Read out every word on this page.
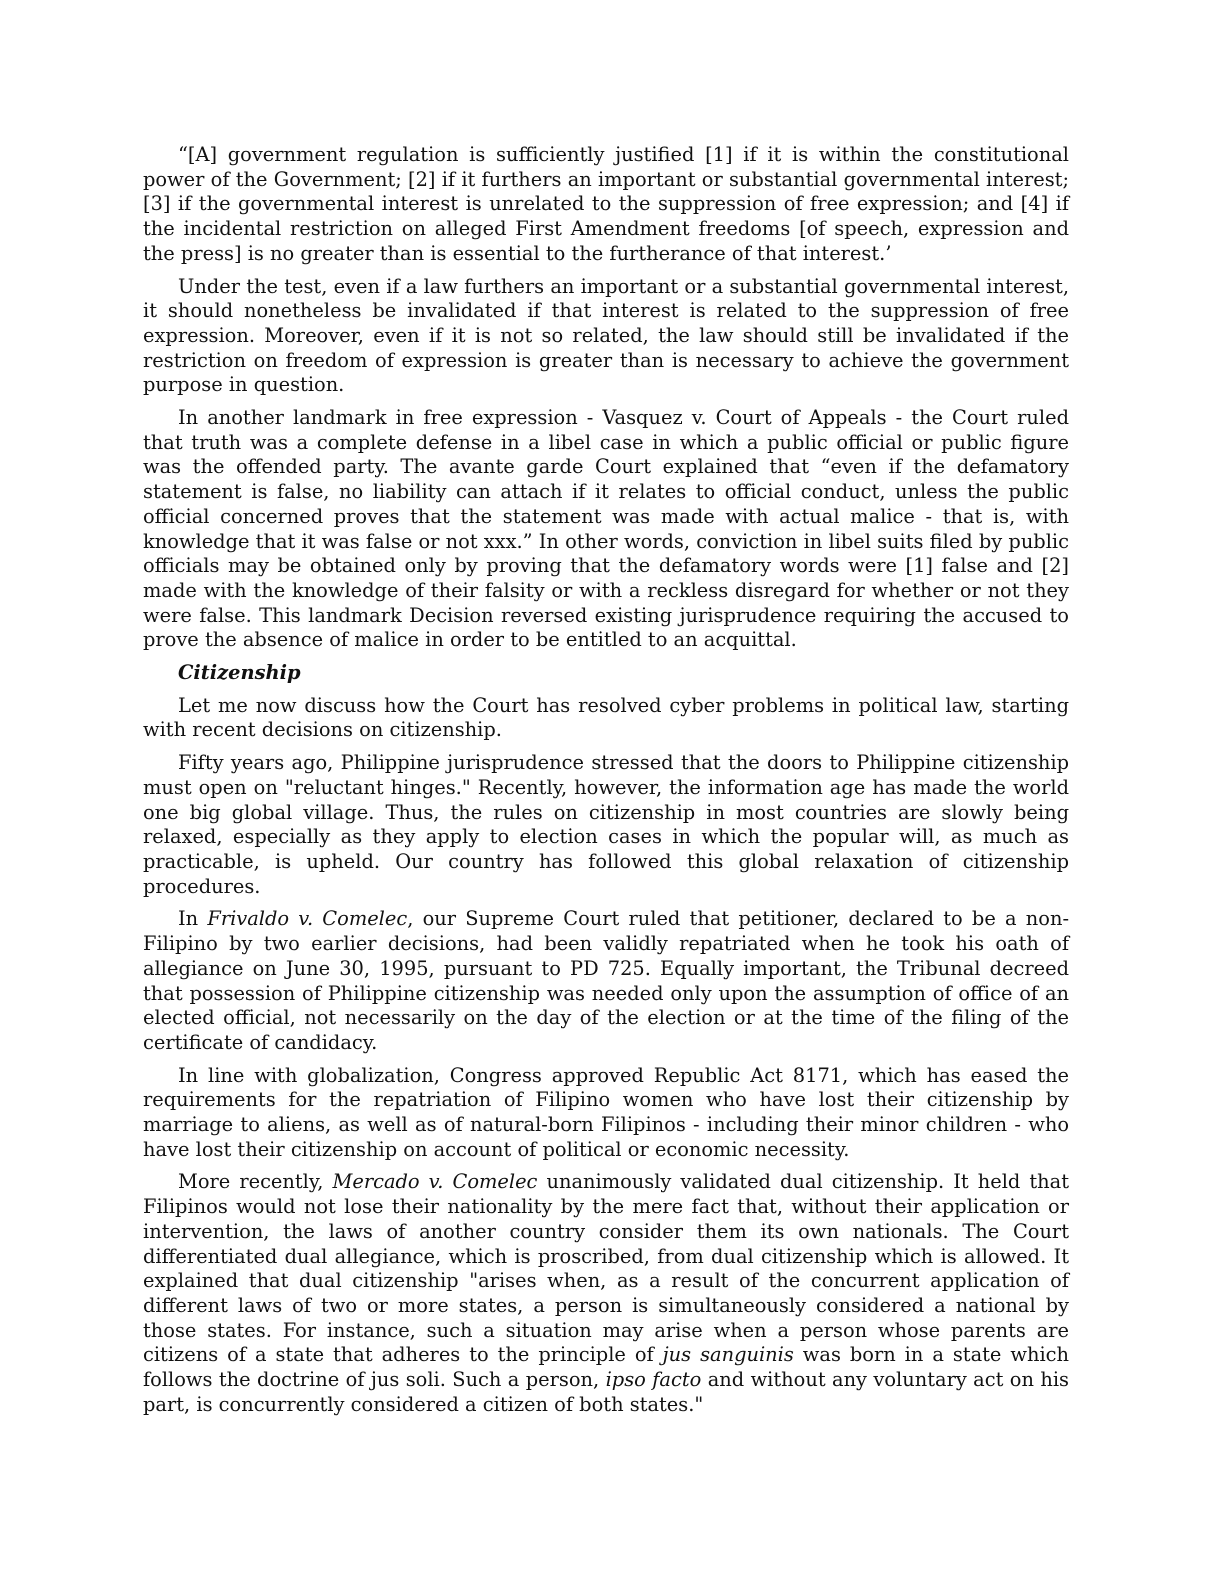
“[A] government regulation is sufficiently justified [1] if it is within the constitutional power of the Government; [2] if it furthers an important or substantial governmental interest; [3] if the governmental interest is unrelated to the suppression of free expression; and [4] if the incidental restriction on alleged First Amendment freedoms [of speech, expression and the press] is no greater than is essential to the furtherance of that interest.’

Under the test, even if a law furthers an important or a substantial governmental interest, it should nonetheless be invalidated if that interest is related to the suppression of free expression. Moreover, even if it is not so related, the law should still be invalidated if the restriction on freedom of expression is greater than is necessary to achieve the government purpose in question.

In another landmark in free expression - Vasquez v. Court of Appeals - the Court ruled that truth was a complete defense in a libel case in which a public official or public figure was the offended party. The avante garde Court explained that “even if the defamatory statement is false, no liability can attach if it relates to official conduct, unless the public official concerned proves that the statement was made with actual malice - that is, with knowledge that it was false or not xxx.” In other words, conviction in libel suits filed by public officials may be obtained only by proving that the defamatory words were [1] false and [2] made with the knowledge of their falsity or with a reckless disregard for whether or not they were false. This landmark Decision reversed existing jurisprudence requiring the accused to prove the absence of malice in order to be entitled to an acquittal.

Citizenship

Let me now discuss how the Court has resolved cyber problems in political law, starting with recent decisions on citizenship.

Fifty years ago, Philippine jurisprudence stressed that the doors to Philippine citizenship must open on "reluctant hinges." Recently, however, the information age has made the world one big global village. Thus, the rules on citizenship in most countries are slowly being relaxed, especially as they apply to election cases in which the popular will, as much as practicable, is upheld. Our country has followed this global relaxation of citizenship procedures.

In Frivaldo v. Comelec, our Supreme Court ruled that petitioner, declared to be a non-Filipino by two earlier decisions, had been validly repatriated when he took his oath of allegiance on June 30, 1995, pursuant to PD 725. Equally important, the Tribunal decreed that possession of Philippine citizenship was needed only upon the assumption of office of an elected official, not necessarily on the day of the election or at the time of the filing of the certificate of candidacy.

In line with globalization, Congress approved Republic Act 8171, which has eased the requirements for the repatriation of Filipino women who have lost their citizenship by marriage to aliens, as well as of natural-born Filipinos - including their minor children - who have lost their citizenship on account of political or economic necessity.

More recently, Mercado v. Comelec unanimously validated dual citizenship. It held that Filipinos would not lose their nationality by the mere fact that, without their application or intervention, the laws of another country consider them its own nationals. The Court differentiated dual allegiance, which is proscribed, from dual citizenship which is allowed. It explained that dual citizenship "arises when, as a result of the concurrent application of different laws of two or more states, a person is simultaneously considered a national by those states. For instance, such a situation may arise when a person whose parents are citizens of a state that adheres to the principle of jus sanguinis was born in a state which follows the doctrine of jus soli. Such a person, ipso facto and without any voluntary act on his part, is concurrently considered a citizen of both states."
